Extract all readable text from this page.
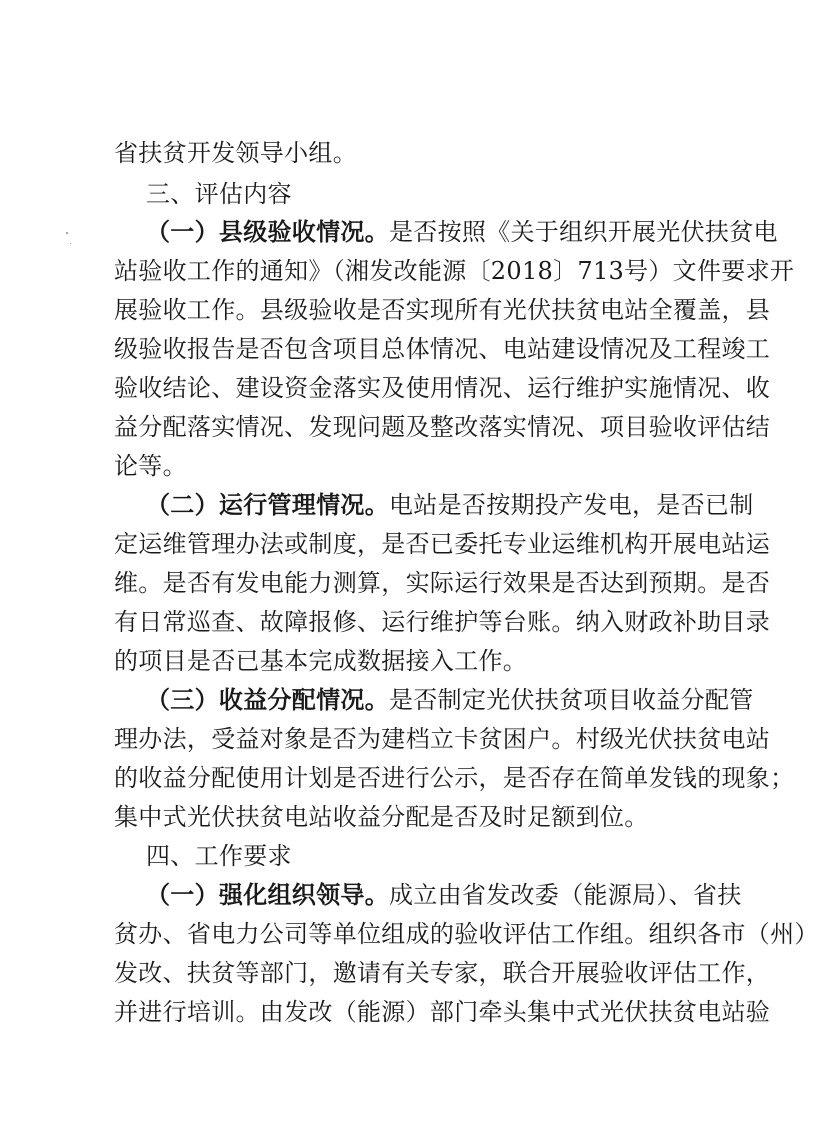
省扶贫开发领导小组。
三、评估内容
（一）县级验收情况。是否按照《关于组织开展光伏扶贫电
站验收工作的通知》（湘发改能源〔2018〕713号）文件要求开
展验收工作。县级验收是否实现所有光伏扶贫电站全覆盖，县
级验收报告是否包含项目总体情况、电站建设情况及工程竣工
验收结论、建设资金落实及使用情况、运行维护实施情况、收
益分配落实情况、发现问题及整改落实情况、项目验收评估结
论等。
（二）运行管理情况。电站是否按期投产发电，是否已制
定运维管理办法或制度，是否已委托专业运维机构开展电站运
维。是否有发电能力测算，实际运行效果是否达到预期。是否
有日常巡查、故障报修、运行维护等台账。纳入财政补助目录
的项目是否已基本完成数据接入工作。
（三）收益分配情况。是否制定光伏扶贫项目收益分配管
理办法，受益对象是否为建档立卡贫困户。村级光伏扶贫电站
的收益分配使用计划是否进行公示，是否存在简单发钱的现象；
集中式光伏扶贫电站收益分配是否及时足额到位。
四、工作要求
（一）强化组织领导。成立由省发改委（能源局）、省扶
贫办、省电力公司等单位组成的验收评估工作组。组织各市（州）
发改、扶贫等部门，邀请有关专家，联合开展验收评估工作，
并进行培训。由发改（能源）部门牵头集中式光伏扶贫电站验
